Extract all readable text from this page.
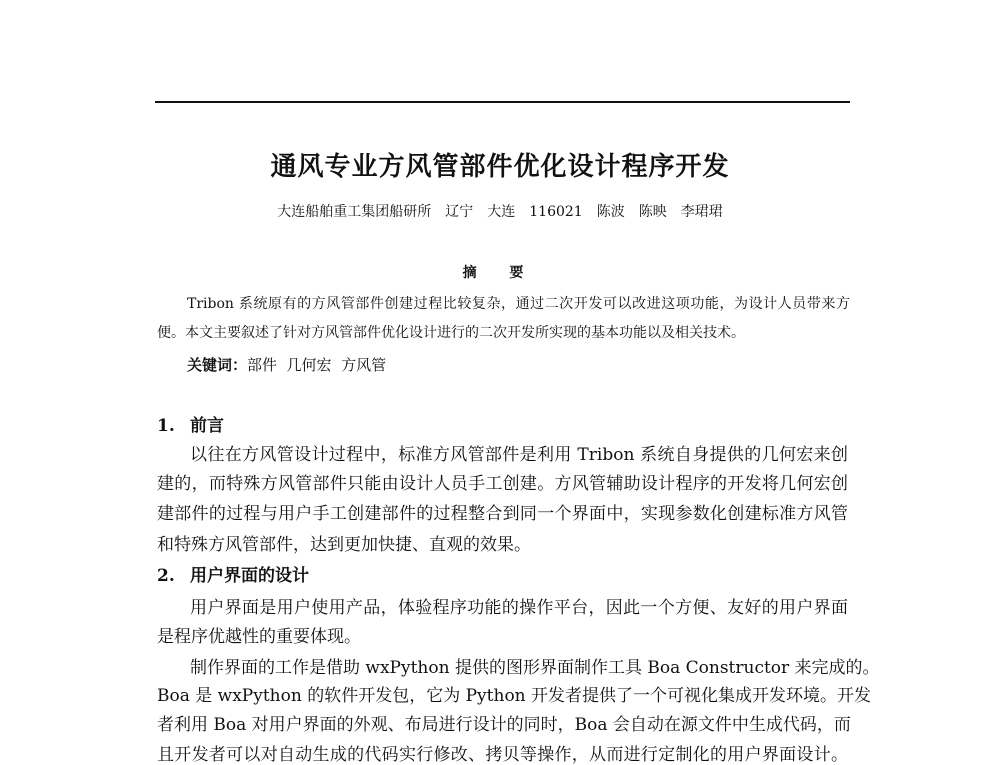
通风专业方风管部件优化设计程序开发
大连船舶重工集团船研所 辽宁 大连 116021 陈波 陈映 李珺珺
摘 要
Tribon 系统原有的方风管部件创建过程比较复杂，通过二次开发可以改进这项功能，为设计人员带来方
便。本文主要叙述了针对方风管部件优化设计进行的二次开发所实现的基本功能以及相关技术。
关键词：部件  几何宏  方风管
1. 前言
以往在方风管设计过程中，标准方风管部件是利用 Tribon 系统自身提供的几何宏来创
建的，而特殊方风管部件只能由设计人员手工创建。方风管辅助设计程序的开发将几何宏创
建部件的过程与用户手工创建部件的过程整合到同一个界面中，实现参数化创建标准方风管
和特殊方风管部件，达到更加快捷、直观的效果。
2. 用户界面的设计
用户界面是用户使用产品，体验程序功能的操作平台，因此一个方便、友好的用户界面
是程序优越性的重要体现。
制作界面的工作是借助 wxPython 提供的图形界面制作工具 Boa Constructor 来完成的。
Boa 是 wxPython 的软件开发包，它为 Python 开发者提供了一个可视化集成开发环境。开发
者利用 Boa 对用户界面的外观、布局进行设计的同时，Boa 会自动在源文件中生成代码，而
且开发者可以对自动生成的代码实行修改、拷贝等操作，从而进行定制化的用户界面设计。
